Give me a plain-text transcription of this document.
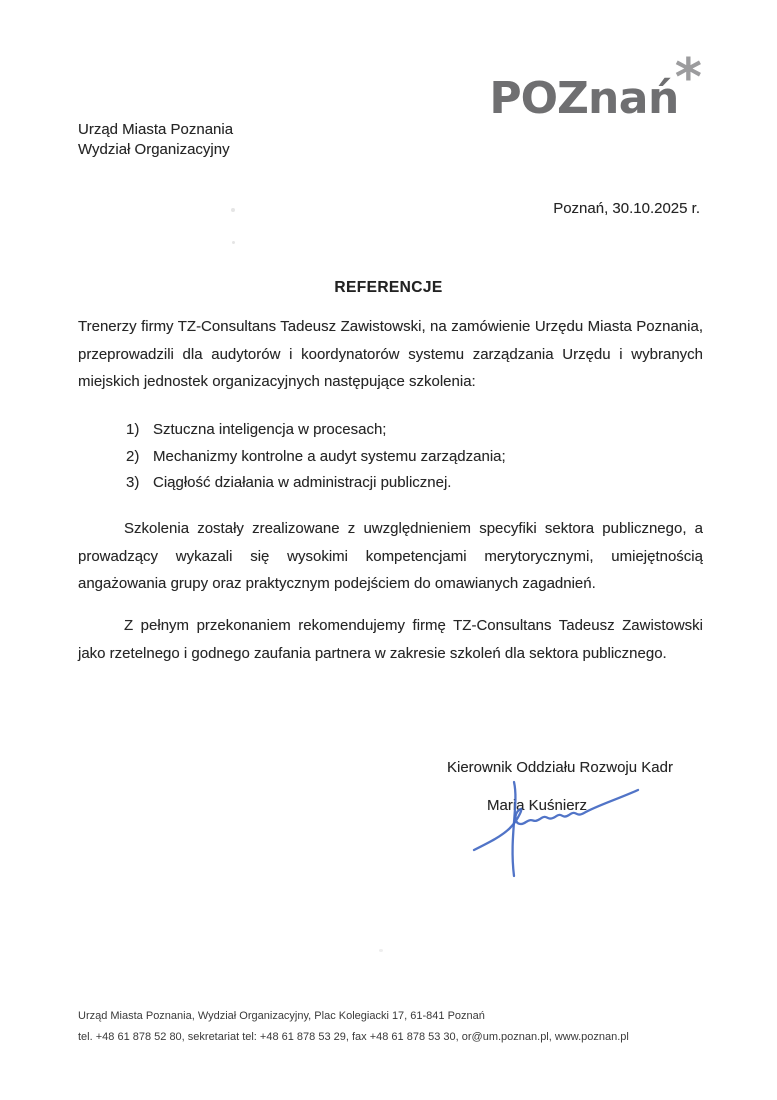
POZnań*
Urząd Miasta Poznania
Wydział Organizacyjny
Poznań, 30.10.2025 r.
REFERENCJE

Trenerzy firmy TZ-Consultans Tadeusz Zawistowski, na zamówienie Urzędu Miasta Poznania, przeprowadzili dla audytorów i koordynatorów systemu zarządzania Urzędu i wybranych miejskich jednostek organizacyjnych następujące szkolenia:

1) Sztuczna inteligencja w procesach;
2) Mechanizmy kontrolne a audyt systemu zarządzania;
3) Ciągłość działania w administracji publicznej.

Szkolenia zostały zrealizowane z uwzględnieniem specyfiki sektora publicznego, a prowadzący wykazali się wysokimi kompetencjami merytorycznymi, umiejętnością angażowania grupy oraz praktycznym podejściem do omawianych zagadnień.

Z pełnym przekonaniem rekomendujemy firmę TZ-Consultans Tadeusz Zawistowski jako rzetelnego i godnego zaufania partnera w zakresie szkoleń dla sektora publicznego.

Kierownik Oddziału Rozwoju Kadr
Maria Kuśnierz
Urząd Miasta Poznania, Wydział Organizacyjny, Plac Kolegiacki 17, 61-841 Poznań
tel. +48 61 878 52 80, sekretariat tel: +48 61 878 53 29, fax +48 61 878 53 30, or@um.poznan.pl, www.poznan.pl
